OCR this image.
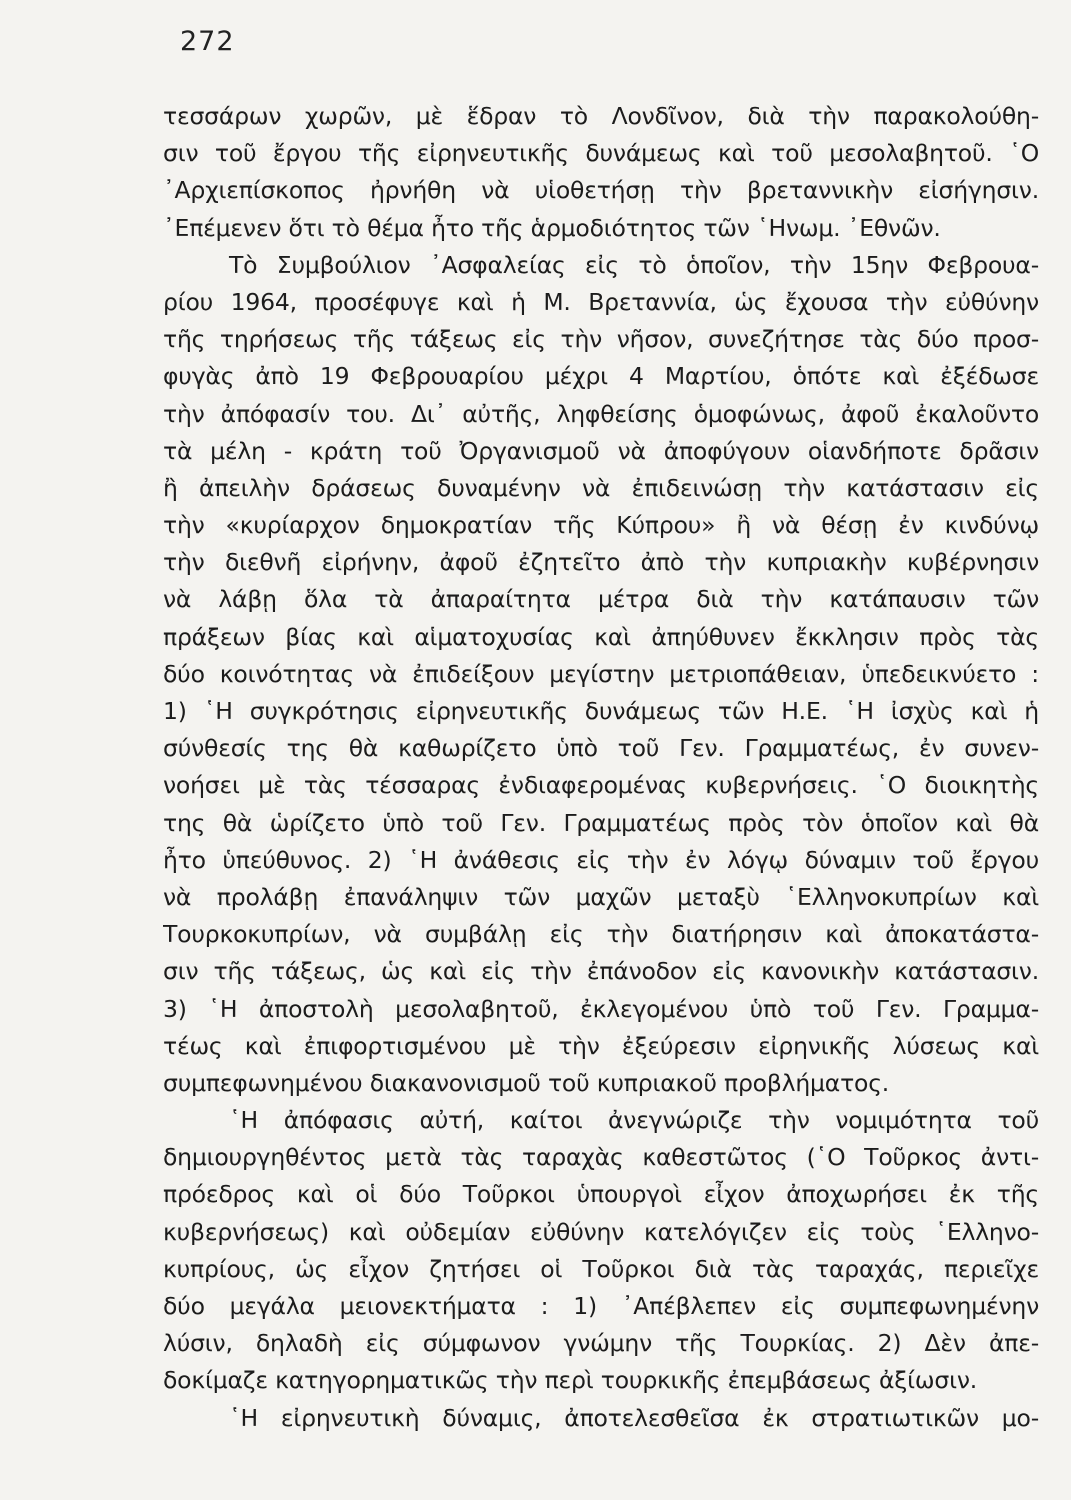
272
τεσσάρων χωρῶν, μὲ ἕδραν τὸ Λονδῖνον, διὰ τὴν παρακολούθη-
σιν τοῦ ἔργου τῆς εἰρηνευτικῆς δυνάμεως καὶ τοῦ μεσολαβητοῦ. ῾Ο
᾿Αρχιεπίσκοπος ἠρνήθη νὰ υἱοθετήσῃ τὴν βρεταννικὴν εἰσήγησιν.
᾿Επέμενεν ὅτι τὸ θέμα ἦτο τῆς ἁρμοδιότητος τῶν ῾Ηνωμ. ᾿Εθνῶν.
Τὸ Συμβούλιον ᾿Ασφαλείας εἰς τὸ ὁποῖον, τὴν 15ην Φεβρουα-
ρίου 1964, προσέφυγε καὶ ἡ Μ. Βρεταννία, ὡς ἔχουσα τὴν εὐθύνην
τῆς τηρήσεως τῆς τάξεως εἰς τὴν νῆσον, συνεζήτησε τὰς δύο προσ-
φυγὰς ἀπὸ 19 Φεβρουαρίου μέχρι 4 Μαρτίου, ὁπότε καὶ ἐξέδωσε
τὴν ἀπόφασίν του. Δι᾿ αὐτῆς, ληφθείσης ὁμοφώνως, ἀφοῦ ἐκαλοῦντο
τὰ μέλη - κράτη τοῦ Ὀργανισμοῦ νὰ ἀποφύγουν οἱανδήποτε δρᾶσιν
ἢ ἀπειλὴν δράσεως δυναμένην νὰ ἐπιδεινώσῃ τὴν κατάστασιν εἰς
τὴν «κυρίαρχον δημοκρατίαν τῆς Κύπρου» ἢ νὰ θέσῃ ἐν κινδύνῳ
τὴν διεθνῆ εἰρήνην, ἀφοῦ ἐζητεῖτο ἀπὸ τὴν κυπριακὴν κυβέρνησιν
νὰ λάβῃ ὅλα τὰ ἀπαραίτητα μέτρα διὰ τὴν κατάπαυσιν τῶν
πράξεων βίας καὶ αἱματοχυσίας καὶ ἀπηύθυνεν ἔκκλησιν πρὸς τὰς
δύο κοινότητας νὰ ἐπιδείξουν μεγίστην μετριοπάθειαν, ὑπεδεικνύετο :
1) ῾Η συγκρότησις εἰρηνευτικῆς δυνάμεως τῶν Η.Ε. ῾Η ἰσχὺς καὶ ἡ
σύνθεσίς της θὰ καθωρίζετο ὑπὸ τοῦ Γεν. Γραμματέως, ἐν συνεν-
νοήσει μὲ τὰς τέσσαρας ἐνδιαφερομένας κυβερνήσεις. ῾Ο διοικητὴς
της θὰ ὡρίζετο ὑπὸ τοῦ Γεν. Γραμματέως πρὸς τὸν ὁποῖον καὶ θὰ
ἦτο ὑπεύθυνος. 2) ῾Η ἀνάθεσις εἰς τὴν ἐν λόγῳ δύναμιν τοῦ ἔργου
νὰ προλάβῃ ἐπανάληψιν τῶν μαχῶν μεταξὺ ῾Ελληνοκυπρίων καὶ
Τουρκοκυπρίων, νὰ συμβάλῃ εἰς τὴν διατήρησιν καὶ ἀποκατάστα-
σιν τῆς τάξεως, ὡς καὶ εἰς τὴν ἐπάνοδον εἰς κανονικὴν κατάστασιν.
3) ῾Η ἀποστολὴ μεσολαβητοῦ, ἐκλεγομένου ὑπὸ τοῦ Γεν. Γραμμα-
τέως καὶ ἐπιφορτισμένου μὲ τὴν ἐξεύρεσιν εἰρηνικῆς λύσεως καὶ
συμπεφωνημένου διακανονισμοῦ τοῦ κυπριακοῦ προβλήματος.
῾Η ἀπόφασις αὐτή, καίτοι ἀνεγνώριζε τὴν νομιμότητα τοῦ
δημιουργηθέντος μετὰ τὰς ταραχὰς καθεστῶτος (῾Ο Τοῦρκος ἀντι-
πρόεδρος καὶ οἱ δύο Τοῦρκοι ὑπουργοὶ εἶχον ἀποχωρήσει ἐκ τῆς
κυβερνήσεως) καὶ οὐδεμίαν εὐθύνην κατελόγιζεν εἰς τοὺς ῾Ελληνο-
κυπρίους, ὡς εἶχον ζητήσει οἱ Τοῦρκοι διὰ τὰς ταραχάς, περιεῖχε
δύο μεγάλα μειονεκτήματα : 1) ᾿Απέβλεπεν εἰς συμπεφωνημένην
λύσιν, δηλαδὴ εἰς σύμφωνον γνώμην τῆς Τουρκίας. 2) Δὲν ἀπε-
δοκίμαζε κατηγορηματικῶς τὴν περὶ τουρκικῆς ἐπεμβάσεως ἀξίωσιν.
῾Η εἰρηνευτικὴ δύναμις, ἀποτελεσθεῖσα ἐκ στρατιωτικῶν μο-
